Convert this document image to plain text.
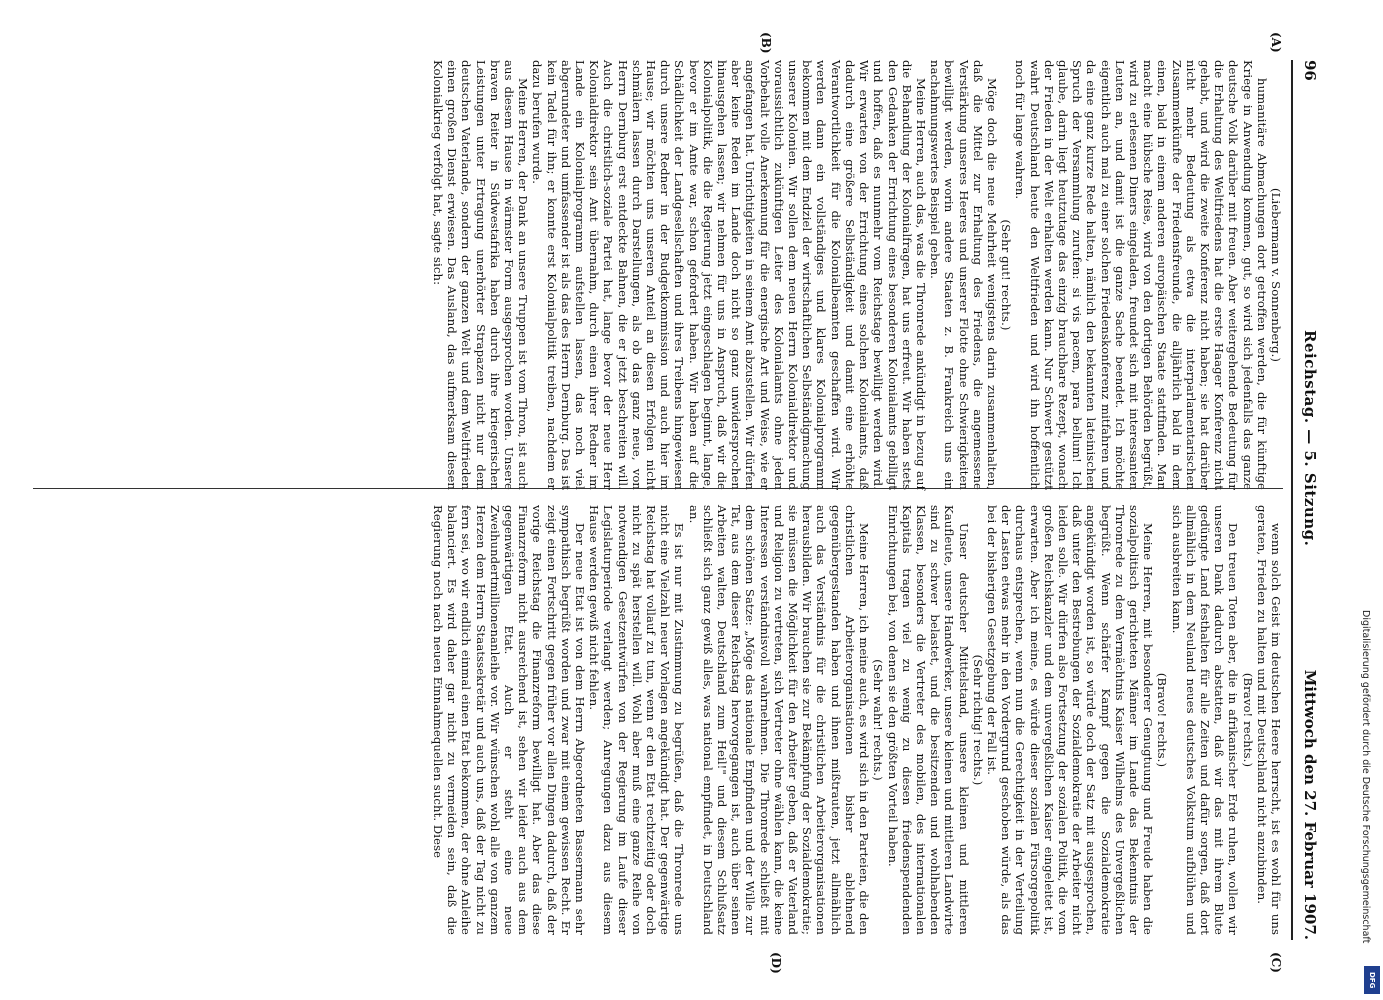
96
Reichstag. — 5. Sitzung.
Mittwoch den 27. Februar 1907.
(A)
(B)
(C)
(D)

(Liebermann v. Sonnenberg.)

humanitäre Abmachungen dort getroffen werden, die für künftige Kriege in Anwendung kommen, gut, so wird sich jedenfalls das ganze deutsche Volk darüber mit freuen. Aber weitergehende Bedeutung für die Erhaltung des Weltfriedens hat die erste Haager Konferenz nicht gehabt, und wird die zweite Konferenz nicht haben; sie hat darüber nicht mehr Bedeutung als etwa die interparlamentarischen Zusammenkünfte der Friedensfreunde, die alljährlich bald in dem einen, bald in einem anderen europäischen Staate stattfinden. Man macht eine hübsche Reise, wird von den dortigen Behörden begrüßt, wird zu erlesenen Diners eingeladen, freundet sich mit interessanten Leuten an, und damit ist die ganze Sache beendet. Ich möchte eigentlich auch mal zu einer solchen Friedenskonferenz mitfahren und da eine ganz kurze Rede halten, nämlich den bekannten lateinischen Spruch der Versammlung zurufen: si vis pacem, para bellum! Ich glaube, darin liegt heutzutage das einzig brauchbare Rezept, wonach der Frieden in der Welt erhalten werden kann. Nur Schwert gestützt wahrt Deutschland heute den Weltfrieden und wird ihn hoffentlich noch für lange wahren.

(Sehr gut! rechts.)

Möge doch die neue Mehrheit wenigstens darin zusammenhalten, daß die Mittel zur Erhaltung des Friedens, die angemessene Verstärkung unseres Heeres und unserer Flotte ohne Schwierigkeiten bewilligt werden, worin andere Staaten z. B. Frankreich uns ein nachahmungswertes Beispiel geben.

Meine Herren, auch das, was die Thronrede ankündigt in bezug auf die Behandlung der Kolonialfragen, hat uns erfreut. Wir haben stets den Gedanken der Errichtung eines besonderen Kolonialamts gebilligt und hoffen, daß es nunmehr vom Reichstage bewilligt werden wird. Wir erwarten von der Errichtung eines solchen Kolonialamts, daß dadurch eine größere Selbständigkeit und damit eine erhöhte Verantwortlichkeit für die Kolonialbeamten geschaffen wird. Wir werden dann ein vollständiges und klares Kolonialprogramm bekommen mit dem Endziel der wirtschaftlichen Selbständigmachung unserer Kolonien. Wir sollen dem neuen Herrn Kolonialdirektor und voraussichtlich zukünftigen Leiter des Kolonialamts ohne jeden Vorbehalt volle Anerkennung für die energische Art und Weise, wie er angefangen hat. Unrichtigkeiten in seinem Amt abzustellen. Wir dürfen aber keine Reden im Lande doch nicht so ganz unwidersprochen hinausgehen lassen; wir nehmen für uns in Anspruch, daß wir die Kolonialpolitik, die die Regierung jetzt eingeschlagen beginnt, lange, bevor er im Amte war, schon gefordert haben. Wir haben auf die Schädlichkeit der Landgesellschaften und ihres Treibens hingewiesen durch unsere Redner in der Budgetkommission und auch hier im Hause; wir möchten uns unseren Anteil an diesen Erfolgen nicht schmälern lassen durch Darstellungen, als ob das ganz neue, von Herrn Dernburg erst entdeckte Bahnen, die er jetzt beschreiten will. Auch die christlich-soziale Partei hat, lange bevor der neue Herr Kolonialdirektor sein Amt übernahm, durch einen ihrer Redner im Lande ein Kolonialprogramm aufstellen lassen, das noch viel abgerundeter und umfassender ist als das des Herrn Dernburg. Das ist kein Tadel für ihn; er konnte erst Kolonialpolitik treiben, nachdem er dazu berufen wurde.

Meine Herren, der Dank an unsere Truppen ist vom Thron, ist auch aus diesem Hause in wärmster Form ausgesprochen worden. Unsere braven Reiter in Südwestafrika haben durch ihre kriegerischen Leistungen unter Ertragung unerhörter Strapazen nicht nur dem deutschen Vaterlande, sondern der ganzen Welt und dem Weltfrieden einen großen Dienst erwiesen. Das Ausland, das aufmerksam diesen Kolonialkrieg verfolgt hat, sagte sich:

wenn solch Geist im deutschen Heere herrscht, ist es wohl für uns geraten, Frieden zu halten und mit Deutschland nicht anzubinden.

(Bravo! rechts.)

Den treuen Toten aber, die in afrikanischer Erde ruhen, wollen wir unseren Dank dadurch abstatten, daß wir das mit ihrem Blute gedüngte Land festhalten für alle Zeiten und dafür sorgen, daß dort allmählich in dem Neuland neues deutsches Volkstum aufblühen und sich ausbreiten kann.

(Bravo! rechts.)

Meine Herren, mit besonderer Genugtuung und Freude haben die sozialpolitisch gerichteten Männer im Lande das Bekenntnis der Thronrede zu dem Vermächtnis Kaiser Wilhelms des Unvergeßlichen begrüßt. Wenn schärfer Kampf gegen die Sozialdemokratie angekündigt worden ist, so würde doch der Satz mit ausgesprochen, daß unter den Bestrebungen der Sozialdemokratie der Arbeiter nicht leiden solle. Wir dürfen also Fortsetzung der sozialen Politik, die vom großen Reichskanzler und dem unvergeßlichen Kaiser eingeleitet ist, erwarten. Aber ich meine, es würde dieser sozialen Fürsorgepolitik durchaus entsprechen, wenn nun die Gerechtigkeit in der Verteilung der Lasten etwas mehr in den Vordergrund geschoben würde, als das bei der bisherigen Gesetzgebung der Fall ist.

(Sehr richtig! rechts.)

Unser deutscher Mittelstand, unsere kleinen und mittleren Kaufleute, unsere Handwerker, unsere kleinen und mittleren Landwirte sind zu schwer belastet, und die besitzenden und wohlhabenden Klassen, besonders die Vertreter des mobilen, des internationalen Kapitals tragen viel zu wenig zu diesen friedenspendenden Einrichtungen bei, von denen sie den größten Vorteil haben.

(Sehr wahr! rechts.)

Meine Herren, ich meine auch, es wird sich in den Parteien, die den christlichen Arbeiterorganisationen bisher ablehnend gegenübergestanden haben und ihnen mißtrauten, jetzt allmählich auch das Verständnis für die christlichen Arbeiterorganisationen herausbilden. Wir brauchen sie zur Bekämpfung der Sozialdemokratie; sie müssen die Möglichkeit für den Arbeiter geben, daß er Vaterland und Religion zu vertreten, sich Vertreter ohne wählen kann, die keine Interessen verständnisvoll wahrnehmen. Die Thronrede schließt mit dem schönen Satze: „Möge das nationale Empfinden und der Wille zur Tat, aus dem dieser Reichstag hervorgegangen ist, auch über seinen Arbeiten walten, Deutschland zum Heil!" und diesem Schlußsatz schließt sich ganz gewiß alles, was national empfindet, in Deutschland an.

Es ist nur mit Zustimmung zu begrüßen, daß die Thronrede uns nicht eine Vielzahl neuer Vorlagen angekündigt hat. Der gegenwärtige Reichstag hat vollauf zu tun, wenn er den Etat rechtzeitig oder doch nicht zu spät herstellen will. Wohl aber muß eine ganze Reihe von notwendigen Gesetzentwürfen von der Regierung im Laufe dieser Legislaturperiode verlangt werden; Anregungen dazu aus diesem Hause werden gewiß nicht fehlen.

Der neue Etat ist von dem Herrn Abgeordneten Bassermann sehr sympathisch begrüßt worden und zwar mit einem gewissen Recht. Er zeigt einen Fortschritt gegen früher vor allen Dingen dadurch, daß der vorige Reichstag die Finanzreform bewilligt hat. Aber das diese Finanzreform nicht ausreichend ist, sehen wir leider auch aus dem gegenwärtigen Etat. Auch er steht eine neue Zweihundertmillionenanleihe vor. Wir wünschen wohl alle von ganzem Herzen dem Herrn Staatssekretär und auch uns, daß der Tag nicht zu fern sei, wo wir endlich einmal einen Etat bekommen, der ohne Anleihe balanciert. Es wird daher gar nicht zu vermeiden sein, daß die Regierung noch nach neuen Einnahmequellen sucht. Diese	Digitalisierung gefördert durch die Deutsche Forschungsgemeinschaft
DFG
